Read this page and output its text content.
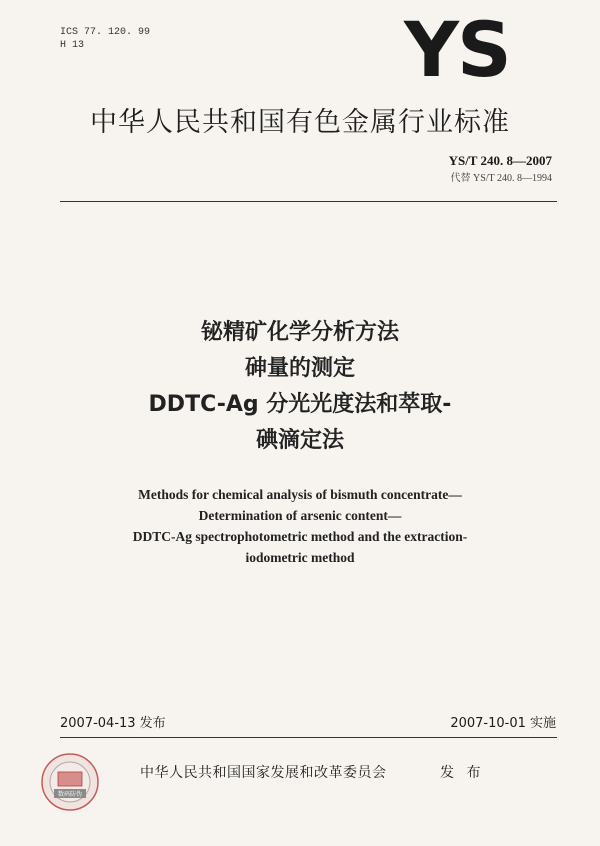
ICS 77. 120. 99
H 13	YS
中华人民共和国有色金属行业标准
YS/T 240. 8—2007
代替 YS/T 240. 8—1994
铋精矿化学分析方法
砷量的测定
DDTC-Ag 分光光度法和萃取-
碘滴定法
Methods for chemical analysis of bismuth concentrate—
Determination of arsenic content—
DDTC-Ag spectrophotometric method and the extraction-
iodometric method
2007-04-13 发布	2007-10-01 实施
数码防伪
中华人民共和国国家发展和改革委员会	发 布
